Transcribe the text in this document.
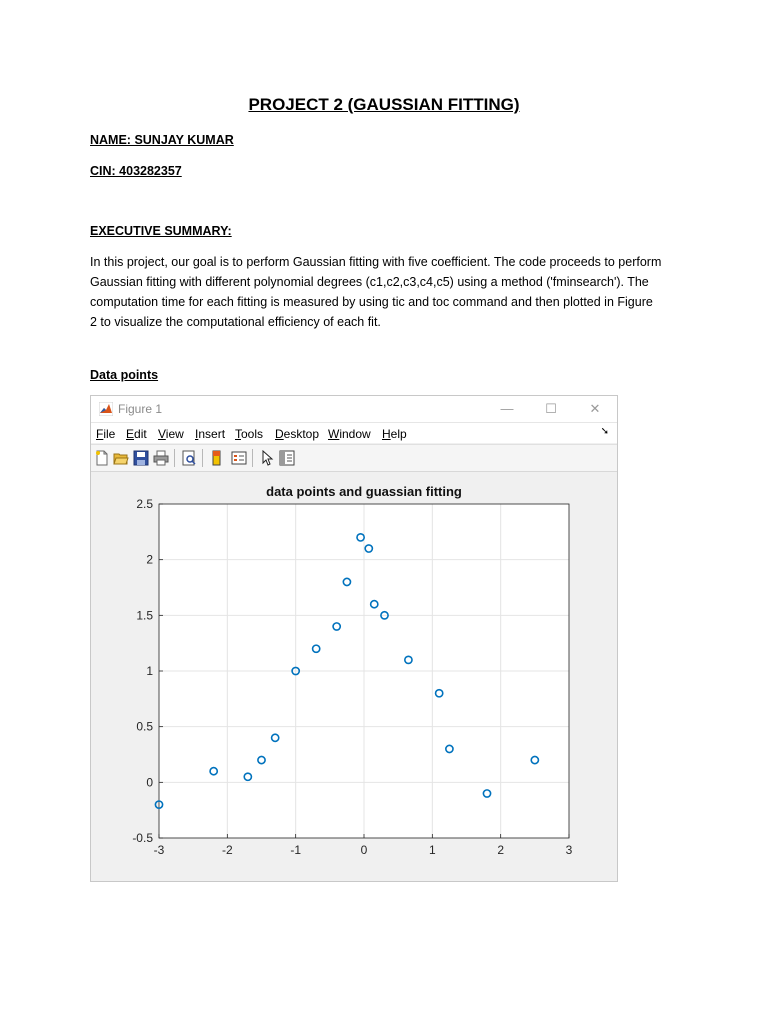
PROJECT 2 (GAUSSIAN FITTING)
NAME: SUNJAY KUMAR
CIN: 403282357
EXECUTIVE SUMMARY:

In this project, our goal is to perform Gaussian fitting with five coefficient. The code proceeds to perform

Gaussian fitting with different polynomial degrees (c1,c2,c3,c4,c5) using a method ('fminsearch'). The

computation time for each fitting is measured by using tic and toc command and then plotted in Figure

2 to visualize the computational efficiency of each fit.

Data points
Figure 1	—	☐	✕
File Edit View Insert Tools Desktop Window Help	➘
-3	-2	-1	0	1	2	3
-0.5
0
0.5
1
1.5
2
2.5
data points and guassian fitting
